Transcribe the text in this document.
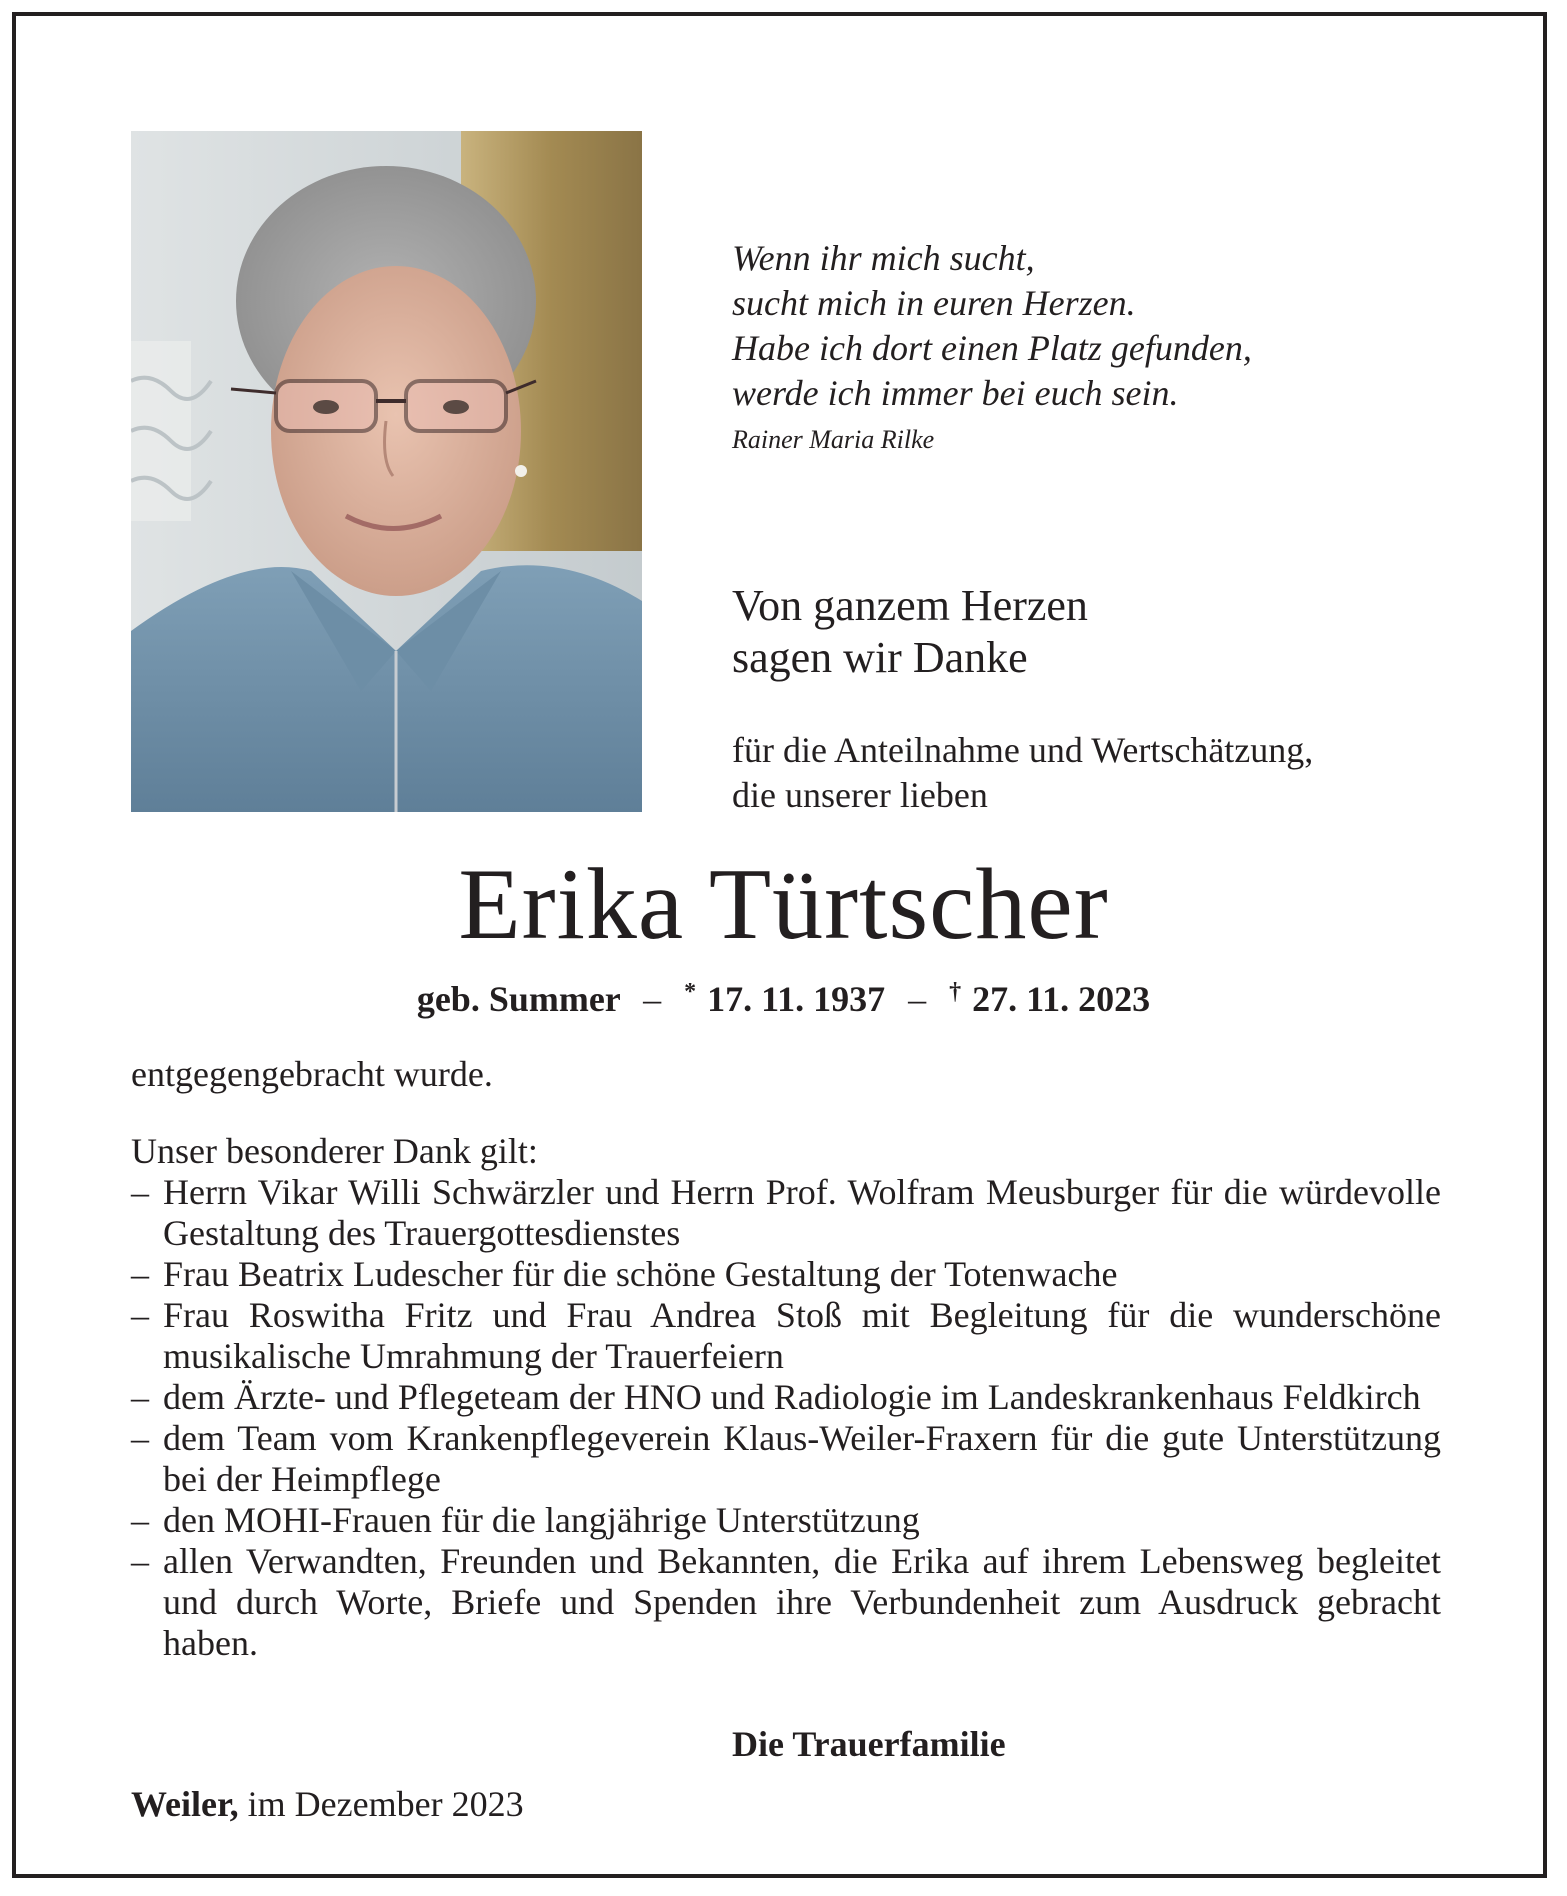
Wenn ihr mich sucht,
sucht mich in euren Herzen.
Habe ich dort einen Platz gefunden,
werde ich immer bei euch sein.
Rainer Maria Rilke
Von ganzem Herzen
sagen wir Danke
für die Anteilnahme und Wertschätzung,
die unserer lieben
Erika Türtscher
geb. Summer – * 17. 11. 1937 – † 27. 11. 2023

entgegengebracht wurde.

Unser besonderer Dank gilt:

– Herrn Vikar Willi Schwärzler und Herrn Prof. Wolfram Meusburger für die würdevolle Gestaltung des Trauergottesdienstes
– Frau Beatrix Ludescher für die schöne Gestaltung der Totenwache
– Frau Roswitha Fritz und Frau Andrea Stoß mit Begleitung für die wunderschöne musikalische Umrahmung der Trauerfeiern
– dem Ärzte- und Pflegeteam der HNO und Radiologie im Landeskrankenhaus Feldkirch
– dem Team vom Krankenpflegeverein Klaus-Weiler-Fraxern für die gute Unterstützung bei der Heimpflege
– den MOHI-Frauen für die langjährige Unterstützung
– allen Verwandten, Freunden und Bekannten, die Erika auf ihrem Lebensweg begleitet und durch Worte, Briefe und Spenden ihre Verbundenheit zum Ausdruck gebracht haben.
Die Trauerfamilie
Weiler, im Dezember 2023
